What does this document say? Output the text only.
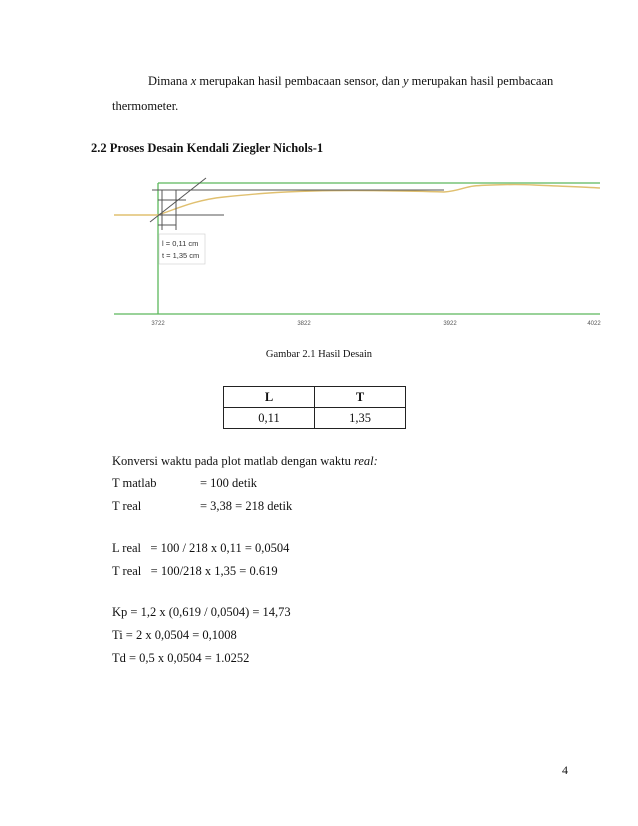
Dimana x merupakan hasil pembacaan sensor, dan y merupakan hasil pembacaan
thermometer.
2.2 Proses Desain Kendali Ziegler Nichols-1
l = 0,11 cm
t = 1,35 cm
3722	3822	3922	4022
Gambar 2.1 Hasil Desain
L	T
0,11	1,35
Konversi waktu pada plot matlab dengan waktu real:
T matlab	= 100 detik
T real	= 3,38 = 218 detik
L real   = 100 / 218 x 0,11 = 0,0504
T real   = 100/218 x 1,35 = 0.619
Kp = 1,2 x (0,619 / 0,0504) = 14,73
Ti = 2 x 0,0504 = 0,1008
Td = 0,5 x 0,0504 = 1.0252
4
